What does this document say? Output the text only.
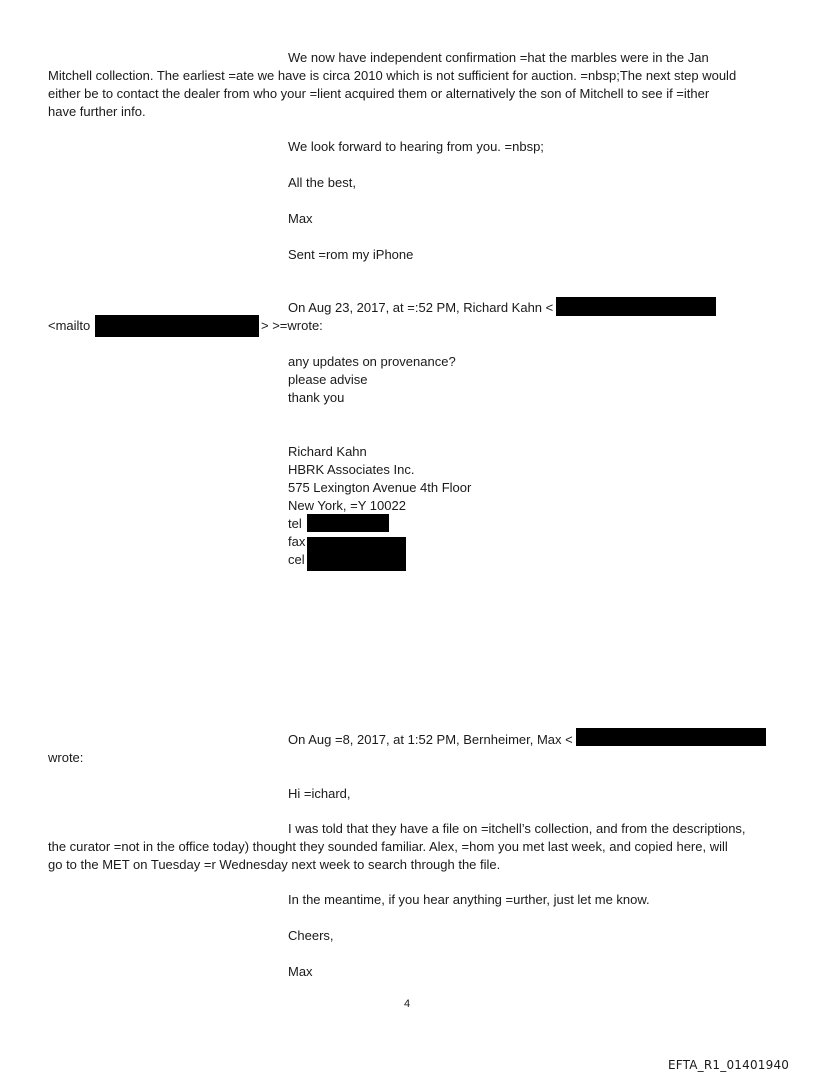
We now have independent confirmation =hat the marbles were in the Jan
Mitchell collection. The earliest =ate we have is circa 2010 which is not sufficient for auction. =nbsp;The next step would
either be to contact the dealer from who your =lient acquired them or alternatively the son of Mitchell to see if =ither
have further info.
We look forward to hearing from you. =nbsp;
All the best,
Max
Sent =rom my iPhone
On Aug 23, 2017, at =:52 PM, Richard Kahn <
<mailto	> >=wrote:
any updates on provenance?
please advise
thank you
Richard Kahn
HBRK Associates Inc.
575 Lexington Avenue 4th Floor
New York, =Y 10022
tel
fax
cel
On Aug =8, 2017, at 1:52 PM, Bernheimer, Max <
wrote:
Hi =ichard,
I was told that they have a file on =itchell’s collection, and from the descriptions,
the curator =not in the office today) thought they sounded familiar. Alex, =hom you met last week, and copied here, will
go to the MET on Tuesday =r Wednesday next week to search through the file.
In the meantime, if you hear anything =urther, just let me know.
Cheers,
Max
4
EFTA_R1_01401940
